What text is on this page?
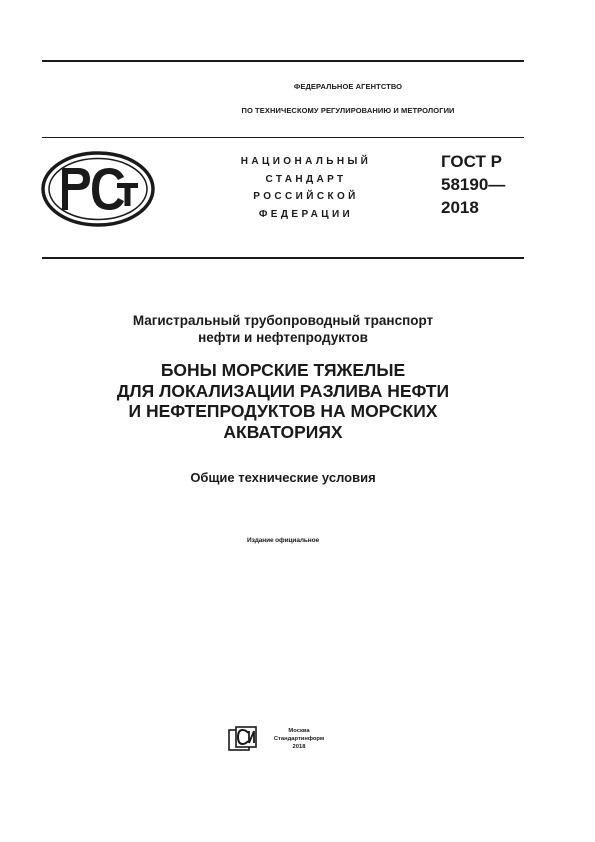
ФЕДЕРАЛЬНОЕ АГЕНТСТВО
ПО ТЕХНИЧЕСКОМУ РЕГУЛИРОВАНИЮ И МЕТРОЛОГИИ
НАЦИОНАЛЬНЫЙ
СТАНДАРТ
РОССИЙСКОЙ
ФЕДЕРАЦИИ
ГОСТ Р
58190—
2018
Магистральный трубопроводный транспорт
нефти и нефтепродуктов
БОНЫ МОРСКИЕ ТЯЖЕЛЫЕ
ДЛЯ ЛОКАЛИЗАЦИИ РАЗЛИВА НЕФТИ
И НЕФТЕПРОДУКТОВ НА МОРСКИХ
АКВАТОРИЯХ
Общие технические условия
Издание официальное
Москва
Стандартинформ
2018
